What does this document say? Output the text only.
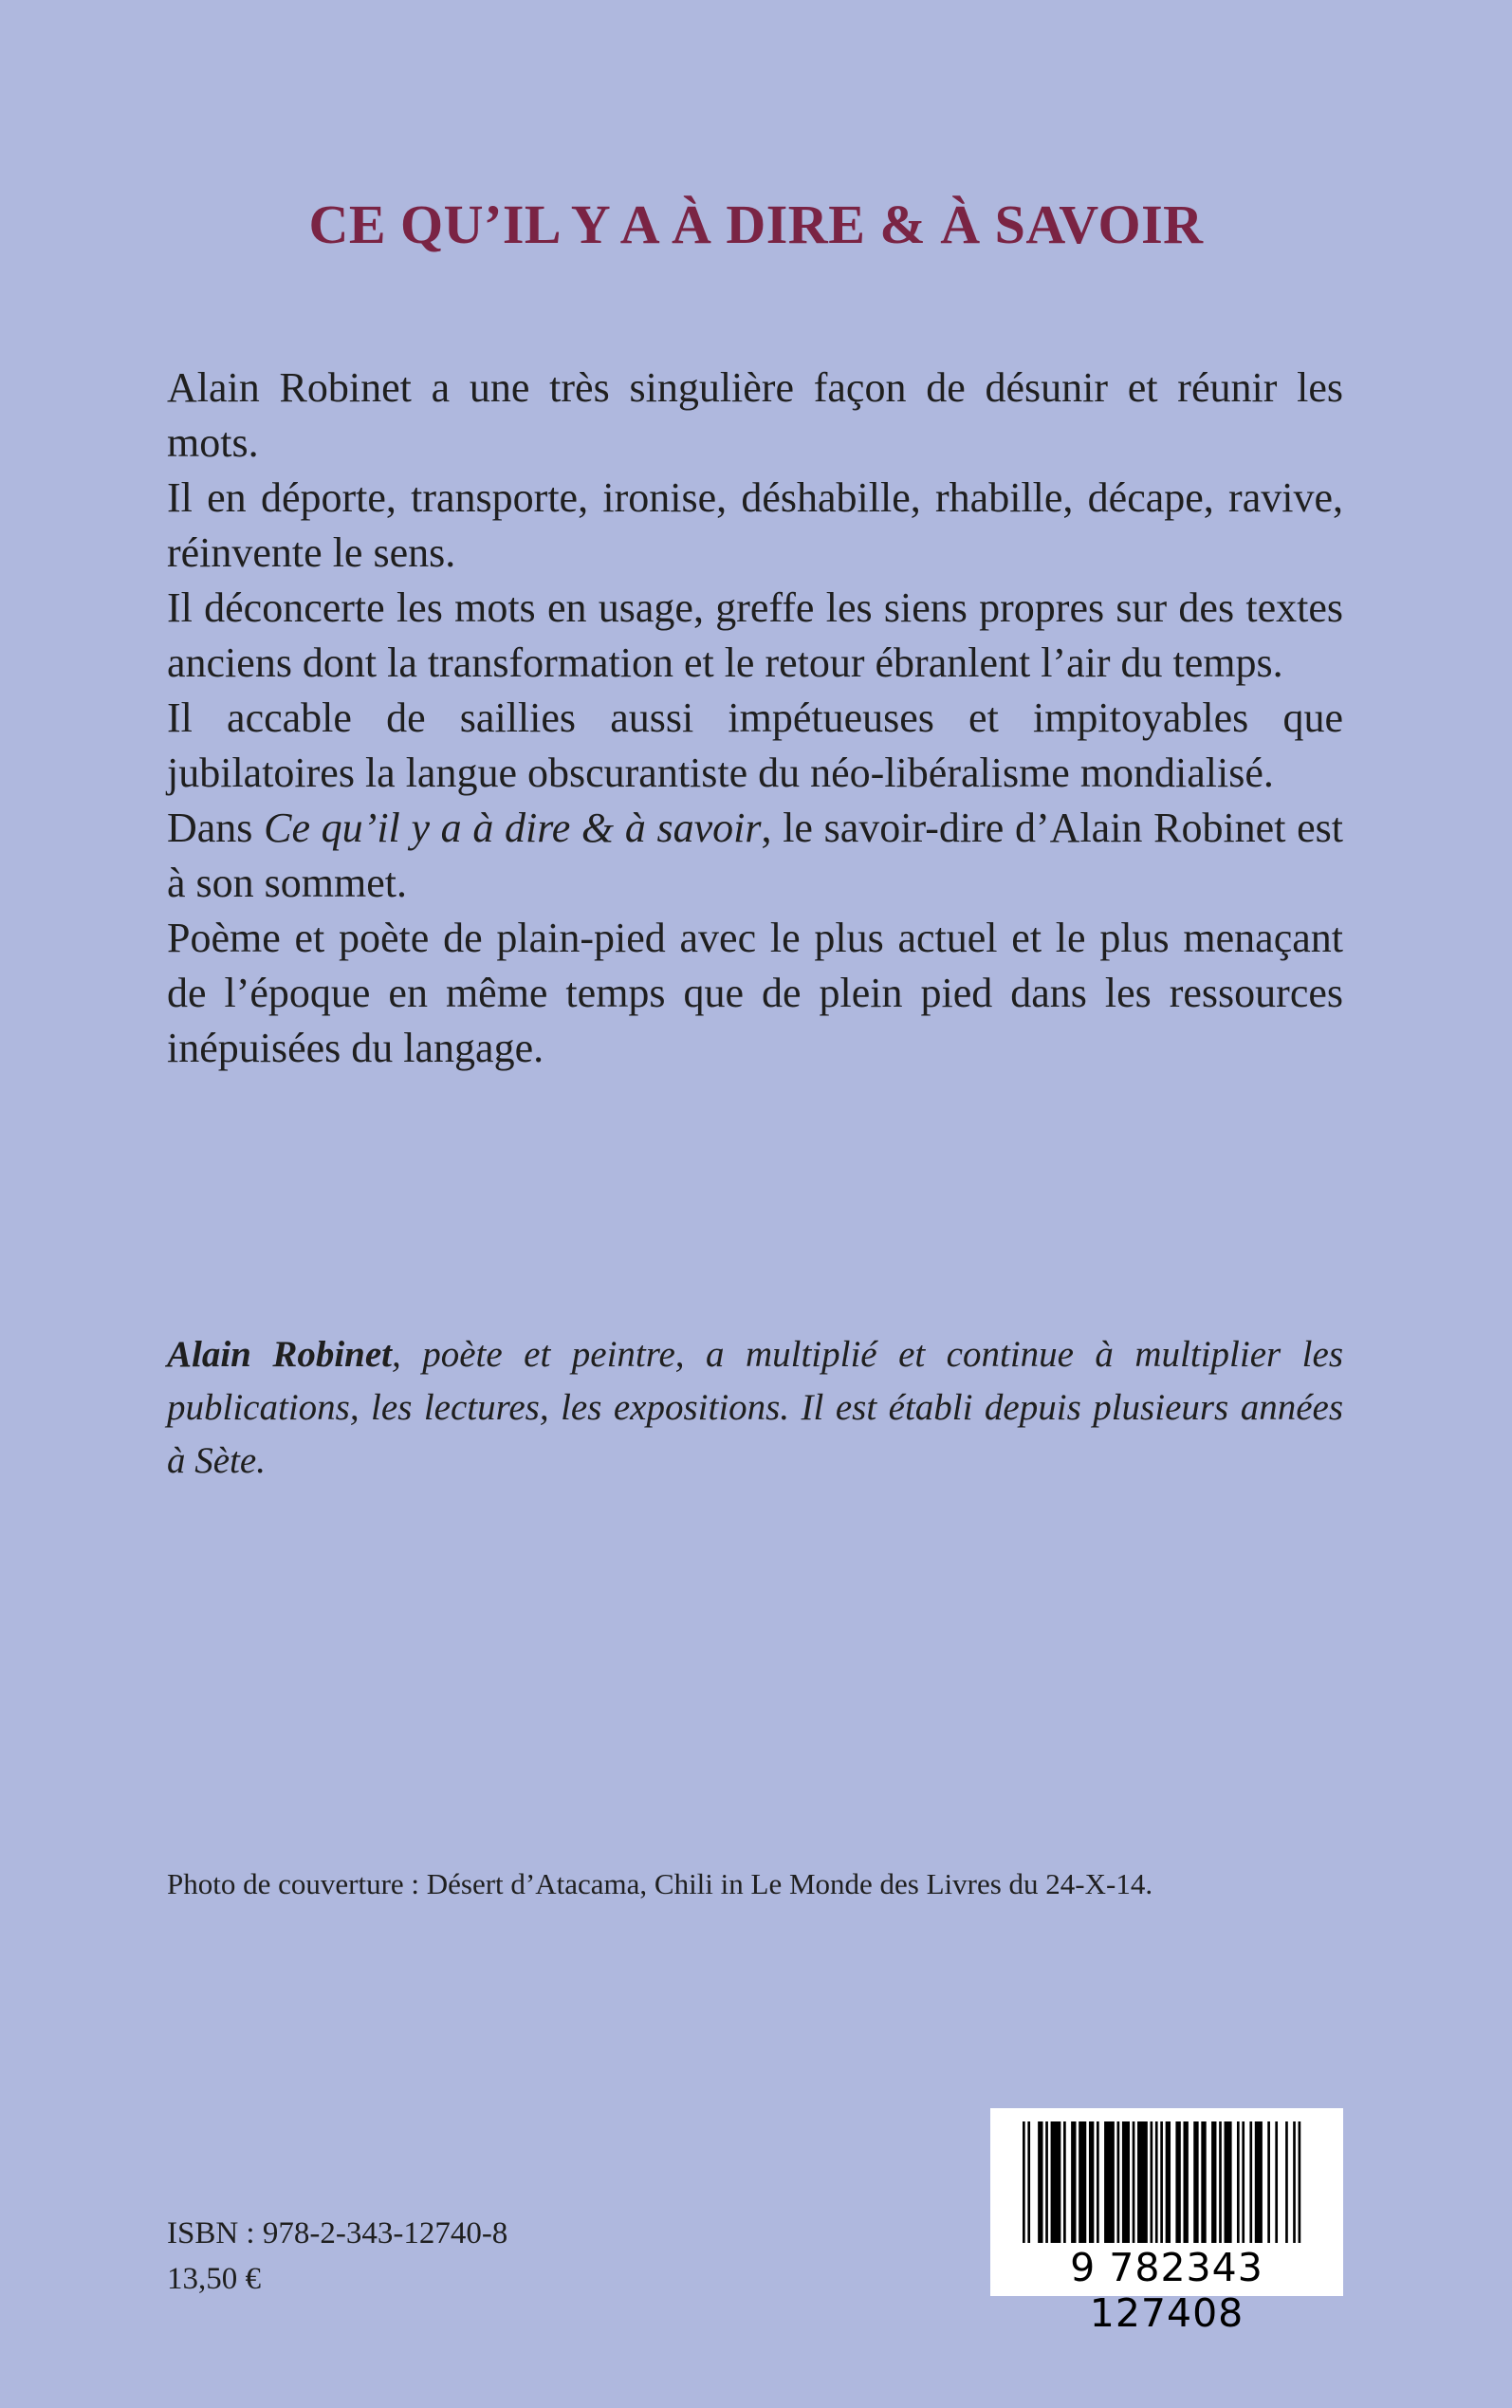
CE QU’IL Y A À DIRE & À SAVOIR

Alain Robinet a une très singulière façon de désunir et réunir les mots.

Il en déporte, transporte, ironise, déshabille, rhabille, décape, ravive, réinvente le sens.

Il déconcerte les mots en usage, greffe les siens propres sur des textes anciens dont la transformation et le retour ébranlent l’air du temps.

Il accable de saillies aussi impétueuses et impitoyables que jubilatoires la langue obscurantiste du néo-libéralisme mondialisé.

Dans Ce qu’il y a à dire & à savoir, le savoir-dire d’Alain Robinet est à son sommet.

Poème et poète de plain-pied avec le plus actuel et le plus menaçant de l’époque en même temps que de plein pied dans les ressources inépuisées du langage.

Alain Robinet, poète et peintre, a multiplié et continue à multiplier les publications, les lectures, les expositions. Il est établi depuis plusieurs années à Sète.
Photo de couverture : Désert d’Atacama, Chili in Le Monde des Livres du 24-X-14.
ISBN : 978-2-343-12740-8
13,50 €	9 782343 127408
